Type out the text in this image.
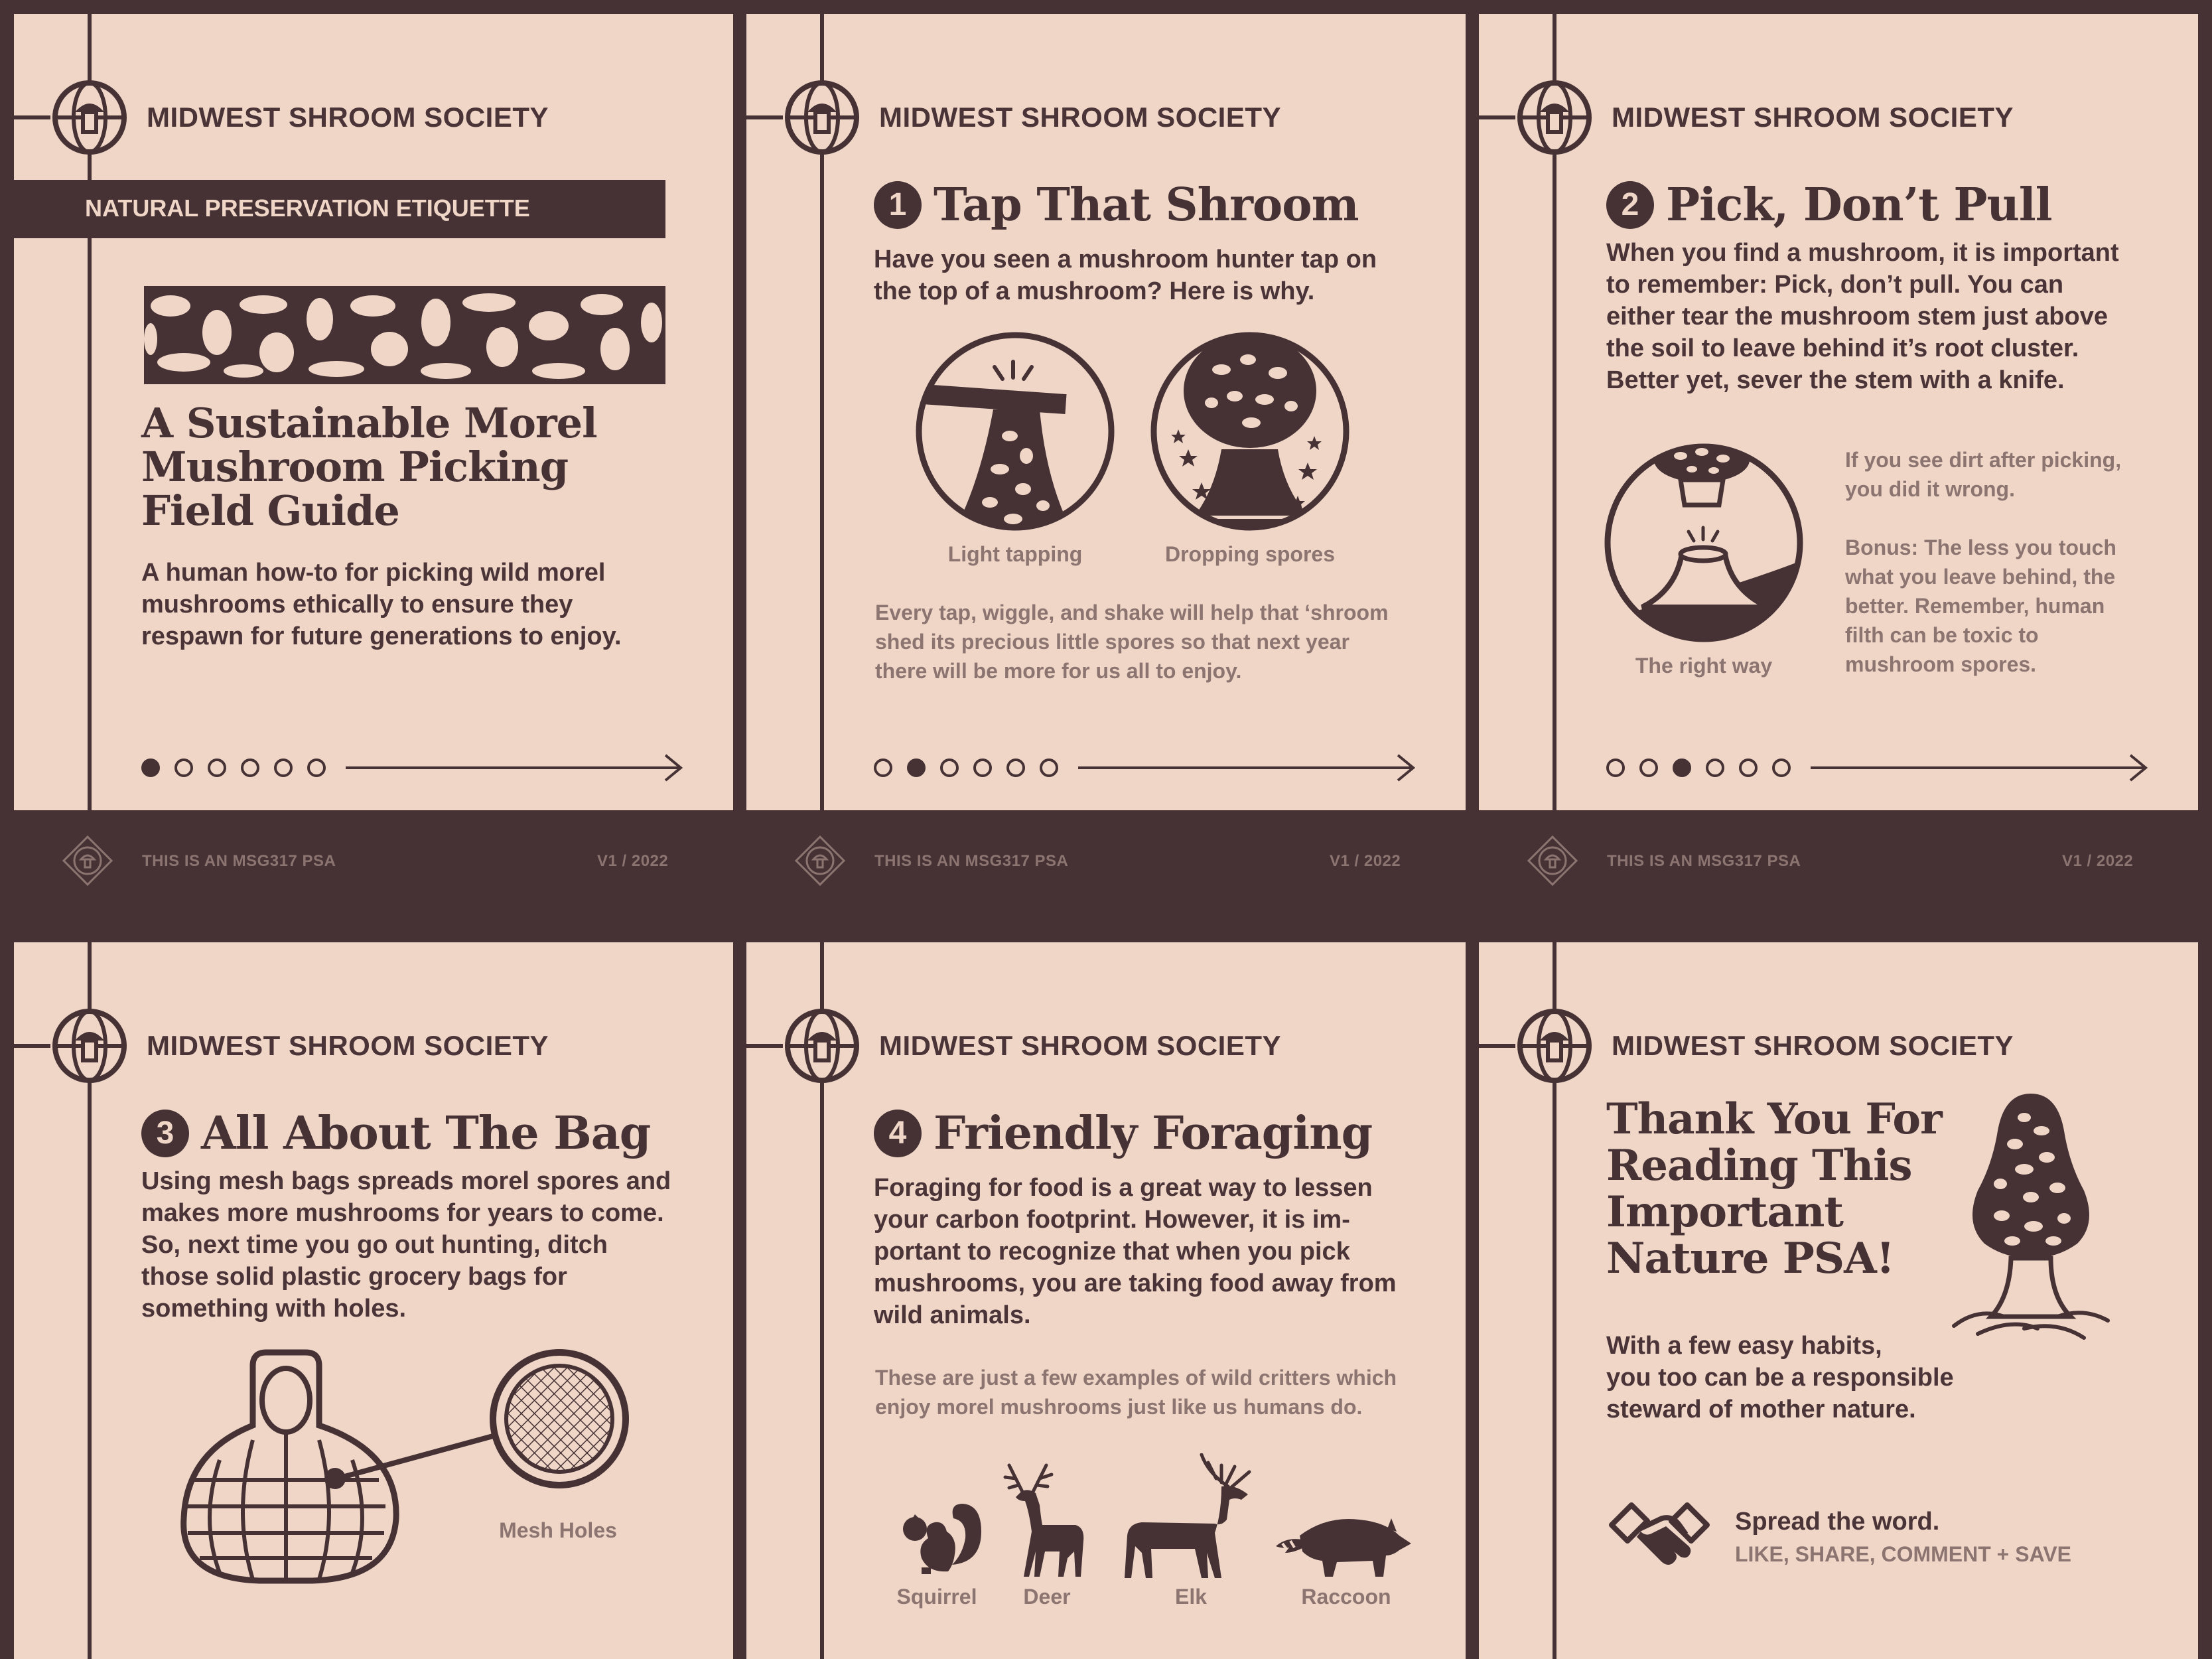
MIDWEST SHROOM SOCIETY
NATURAL PRESERVATION ETIQUETTE
A Sustainable Morel
Mushroom Picking
Field Guide
A human how-to for picking wild morel
mushrooms ethically to ensure they
respawn for future generations to enjoy.
MIDWEST SHROOM SOCIETY
1 Tap That Shroom
Have you seen a mushroom hunter tap on
the top of a mushroom? Here is why.
Light tapping	Dropping spores
Every tap, wiggle, and shake will help that ‘shroom
shed its precious little spores so that next year
there will be more for us all to enjoy.
MIDWEST SHROOM SOCIETY
2 Pick, Don’t Pull
When you find a mushroom, it is important
to remember: Pick, don’t pull. You can
either tear the mushroom stem just above
the soil to leave behind it’s root cluster.
Better yet, sever the stem with a knife.
The right way
If you see dirt after picking,
you did it wrong.
Bonus: The less you touch
what you leave behind, the
better. Remember, human
filth can be toxic to
mushroom spores.
THIS IS AN MSG317 PSA	V1 / 2022	THIS IS AN MSG317 PSA	V1 / 2022	THIS IS AN MSG317 PSA	V1 / 2022
MIDWEST SHROOM SOCIETY
3 All About The Bag
Using mesh bags spreads morel spores and
makes more mushrooms for years to come.
So, next time you go out hunting, ditch
those solid plastic grocery bags for
something with holes.
Mesh Holes
MIDWEST SHROOM SOCIETY
4 Friendly Foraging
Foraging for food is a great way to lessen
your carbon footprint. However, it is im-
portant to recognize that when you pick
mushrooms, you are taking food away from
wild animals.
These are just a few examples of wild critters which
enjoy morel mushrooms just like us humans do.
Squirrel	Deer	Elk	Raccoon
MIDWEST SHROOM SOCIETY
Thank You For
Reading This
Important
Nature PSA!
With a few easy habits,
you too can be a responsible
steward of mother nature.
Spread the word.
LIKE, SHARE, COMMENT + SAVE
